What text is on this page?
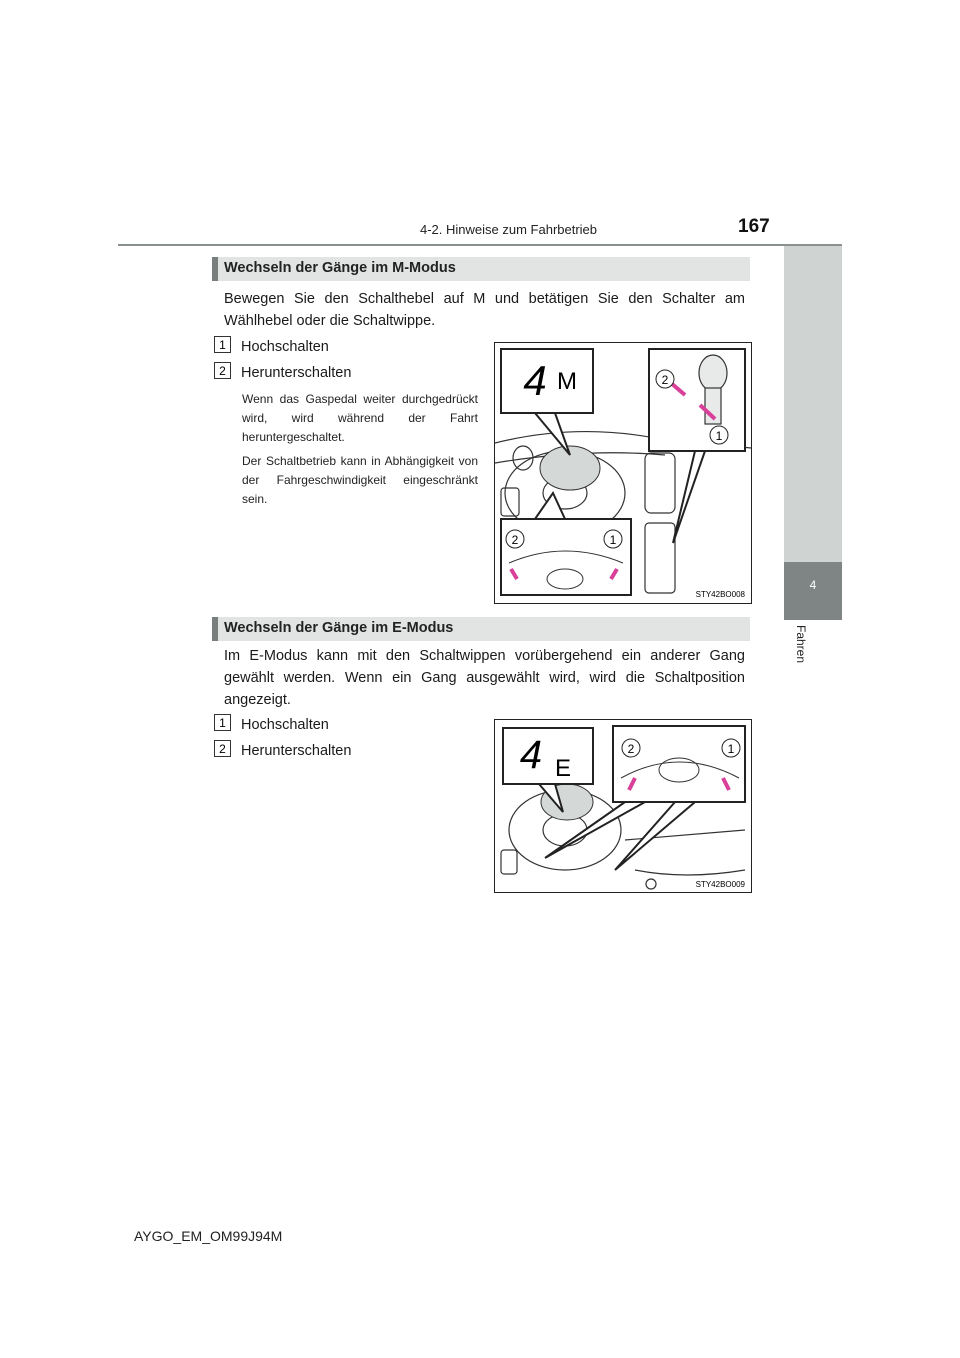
4-2. Hinweise zum Fahrbetrieb	167
4
Fahren
Wechseln der Gänge im M-Modus
Bewegen Sie den Schalthebel auf M und betätigen Sie den Schalter am Wählhebel oder die Schaltwippe.
1 Hochschalten
2 Herunterschalten
Wenn das Gaspedal weiter durchgedrückt wird, wird während der Fahrt heruntergeschaltet.
Der Schaltbetrieb kann in Abhängigkeit von der Fahrgeschwindigkeit eingeschränkt sein.
4 M	2
1
2	1
STY42BO008
Wechseln der Gänge im E-Modus
Im E-Modus kann mit den Schaltwippen vorübergehend ein anderer Gang gewählt werden. Wenn ein Gang ausgewählt wird, wird die Schaltposition angezeigt.
1 Hochschalten
2 Herunterschalten	4 E
2	1
STY42BO009
AYGO_EM_OM99J94M
